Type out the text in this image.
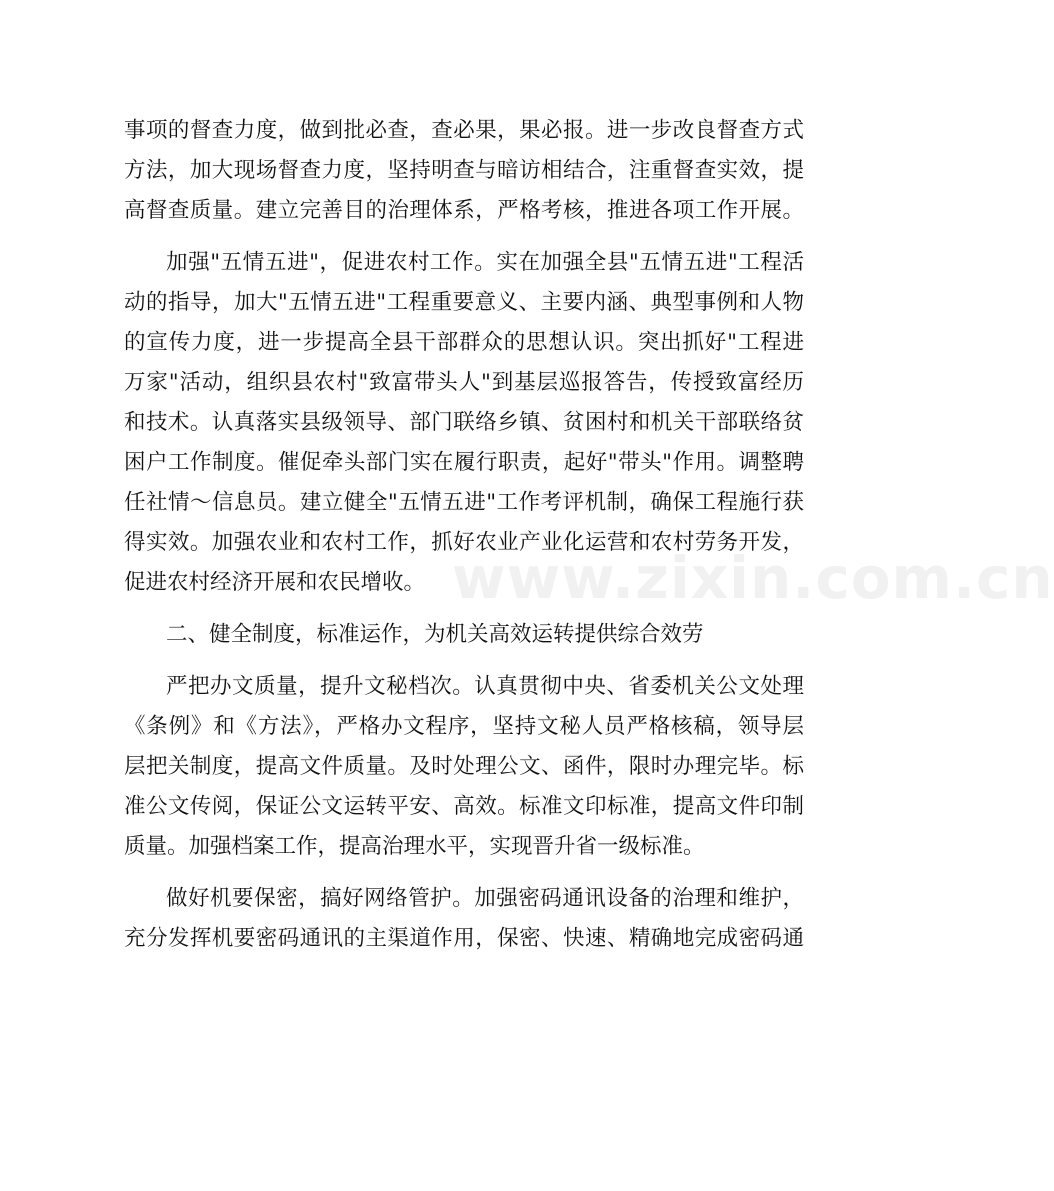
www.zixin.com.cn
事项的督查力度，做到批必查，查必果，果必报。进一步改良督查方式
方法，加大现场督查力度，坚持明查与暗访相结合，注重督查实效，提
高督查质量。建立完善目的治理体系，严格考核，推进各项工作开展。
加强"五情五进"，促进农村工作。实在加强全县"五情五进"工程活
动的指导，加大"五情五进"工程重要意义、主要内涵、典型事例和人物
的宣传力度，进一步提高全县干部群众的思想认识。突出抓好"工程进
万家"活动，组织县农村"致富带头人"到基层巡报答告，传授致富经历
和技术。认真落实县级领导、部门联络乡镇、贫困村和机关干部联络贫
困户工作制度。催促牵头部门实在履行职责，起好"带头"作用。调整聘
任社情～信息员。建立健全"五情五进"工作考评机制，确保工程施行获
得实效。加强农业和农村工作，抓好农业产业化运营和农村劳务开发，
促进农村经济开展和农民增收。
二、健全制度，标准运作，为机关高效运转提供综合效劳
严把办文质量，提升文秘档次。认真贯彻中央、省委机关公文处理
《条例》和《方法》，严格办文程序，坚持文秘人员严格核稿，领导层
层把关制度，提高文件质量。及时处理公文、函件，限时办理完毕。标
准公文传阅，保证公文运转平安、高效。标准文印标准，提高文件印制
质量。加强档案工作，提高治理水平，实现晋升省一级标准。
做好机要保密，搞好网络管护。加强密码通讯设备的治理和维护，
充分发挥机要密码通讯的主渠道作用，保密、快速、精确地完成密码通
